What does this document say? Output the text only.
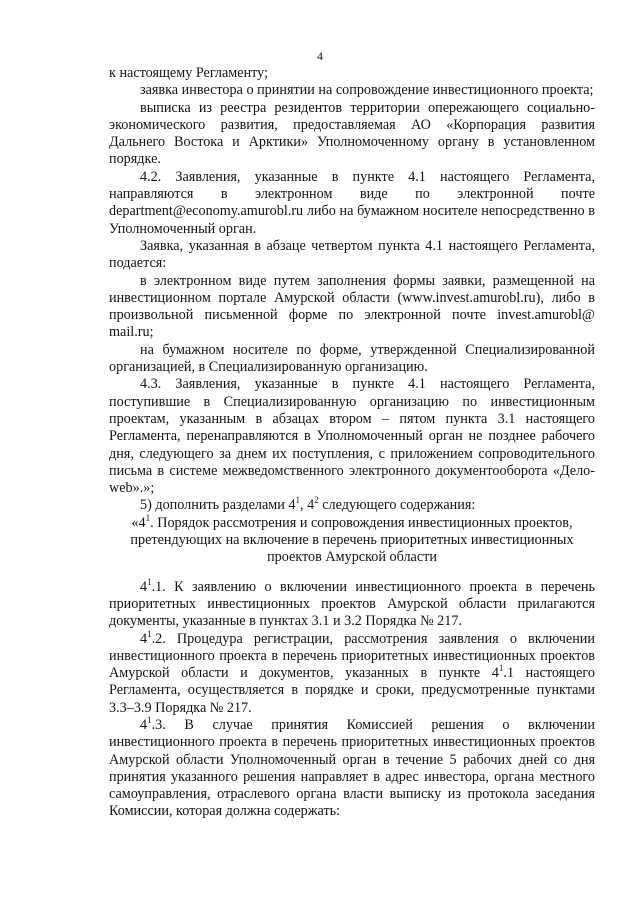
4

к настоящему Регламенту;

заявка инвестора о принятии на сопровождение инвестиционного проекта;

выписка из реестра резидентов территории опережающего социально-экономического развития, предоставляемая АО «Корпорация развития Дальнего Востока и Арктики» Уполномоченному органу в установленном порядке.

4.2. Заявления, указанные в пункте 4.1 настоящего Регламента, направляются в электронном виде по электронной почте department@economy.amurobl.ru либо на бумажном носителе непосредственно в Уполномоченный орган.

Заявка, указанная в абзаце четвертом пункта 4.1 настоящего Регламента, подается:

в электронном виде путем заполнения формы заявки, размещенной на инвестиционном портале Амурской области (www.invest.amurobl.ru), либо в произвольной письменной форме по электронной почте invest.amurobl@ mail.ru;

на бумажном носителе по форме, утвержденной Специализированной организацией, в Специализированную организацию.

4.3. Заявления, указанные в пункте 4.1 настоящего Регламента, поступившие в Специализированную организацию по инвестиционным проектам, указанным в абзацах втором – пятом пункта 3.1 настоящего Регламента, перенаправляются в Уполномоченный орган не позднее рабочего дня, следующего за днем их поступления, с приложением сопроводительного письма в системе межведомственного электронного документооборота «Дело-web».»;

5) дополнить разделами $4^1$, $4^2$ следующего содержания:

«$4^1$. Порядок рассмотрения и сопровождения инвестиционных проектов, претендующих на включение в перечень приоритетных инвестиционных проектов Амурской области

$4^1.1$. К заявлению о включении инвестиционного проекта в перечень приоритетных инвестиционных проектов Амурской области прилагаются документы, указанные в пунктах 3.1 и 3.2 Порядка № 217.

$4^1.2$. Процедура регистрации, рассмотрения заявления о включении инвестиционного проекта в перечень приоритетных инвестиционных проектов Амурской области и документов, указанных в пункте $4^1.1$ настоящего Регламента, осуществляется в порядке и сроки, предусмотренные пунктами 3.3–3.9 Порядка № 217.

$4^1.3$. В случае принятия Комиссией решения о включении инвестиционного проекта в перечень приоритетных инвестиционных проектов Амурской области Уполномоченный орган в течение 5 рабочих дней со дня принятия указанного решения направляет в адрес инвестора, органа местного самоуправления, отраслевого органа власти выписку из протокола заседания Комиссии, которая должна содержать:
